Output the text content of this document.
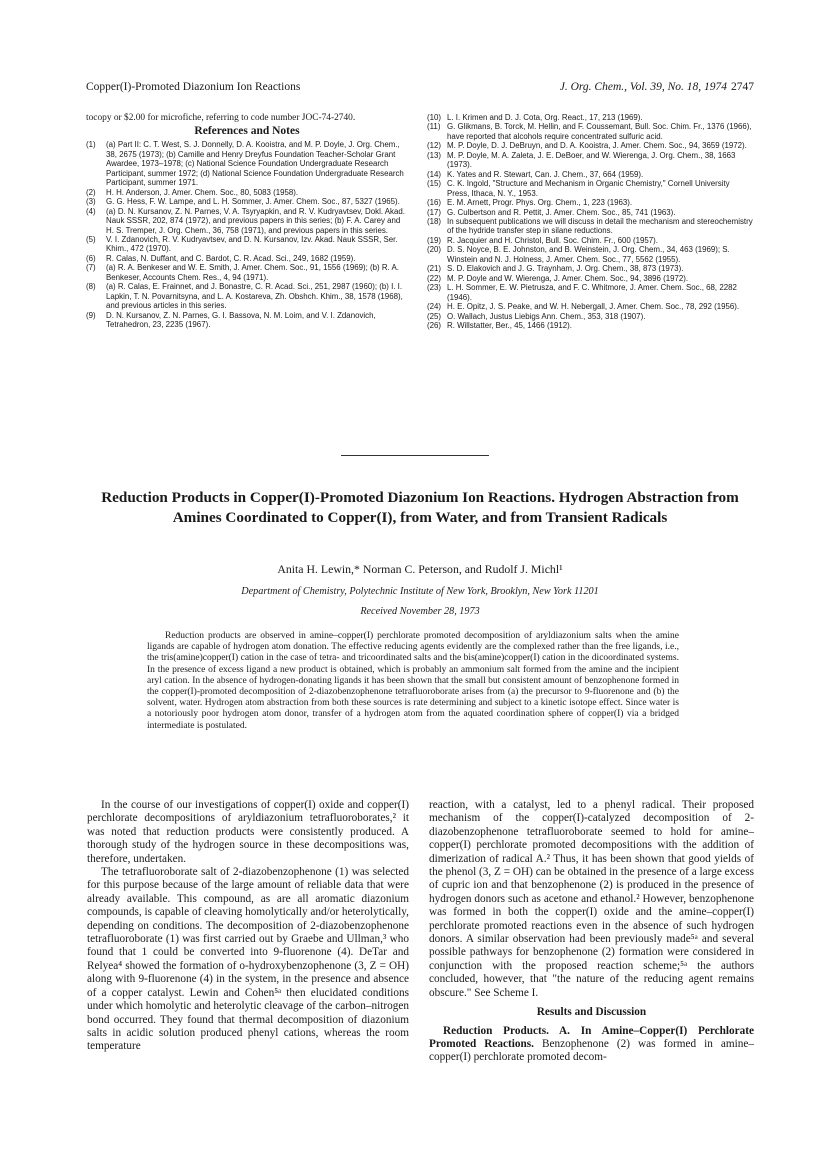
Copper(I)-Promoted Diazonium Ion Reactions	J. Org. Chem., Vol. 39, No. 18, 1974 2747
tocopy or $2.00 for microfiche, referring to code number JOC-74-2740.
References and Notes
(1) (a) Part II: C. T. West, S. J. Donnelly, D. A. Kooistra, and M. P. Doyle, J. Org. Chem., 38, 2675 (1973); (b) Camille and Henry Dreyfus Foundation Teacher-Scholar Grant Awardee, 1973–1978; (c) National Science Foundation Undergraduate Research Participant, summer 1972; (d) National Science Foundation Undergraduate Research Participant, summer 1971.
(2) H. H. Anderson, J. Amer. Chem. Soc., 80, 5083 (1958).
(3) G. G. Hess, F. W. Lampe, and L. H. Sommer, J. Amer. Chem. Soc., 87, 5327 (1965).
(4) (a) D. N. Kursanov, Z. N. Parnes, V. A. Tsyryapkin, and R. V. Kudryavtsev, Dokl. Akad. Nauk SSSR, 202, 874 (1972), and previous papers in this series; (b) F. A. Carey and H. S. Tremper, J. Org. Chem., 36, 758 (1971), and previous papers in this series.
(5) V. I. Zdanovich, R. V. Kudryavtsev, and D. N. Kursanov, Izv. Akad. Nauk SSSR, Ser. Khim., 472 (1970).
(6) R. Calas, N. Duffant, and C. Bardot, C. R. Acad. Sci., 249, 1682 (1959).
(7) (a) R. A. Benkeser and W. E. Smith, J. Amer. Chem. Soc., 91, 1556 (1969); (b) R. A. Benkeser, Accounts Chem. Res., 4, 94 (1971).
(8) (a) R. Calas, E. Frainnet, and J. Bonastre, C. R. Acad. Sci., 251, 2987 (1960); (b) I. I. Lapkin, T. N. Povarnitsyna, and L. A. Kostareva, Zh. Obshch. Khim., 38, 1578 (1968), and previous articles in this series.
(9) D. N. Kursanov, Z. N. Parnes, G. I. Bassova, N. M. Loim, and V. I. Zdanovich, Tetrahedron, 23, 2235 (1967).
(10) L. I. Krimen and D. J. Cota, Org. React., 17, 213 (1969).
(11) G. Glikmans, B. Torck, M. Hellin, and F. Coussemant, Bull. Soc. Chim. Fr., 1376 (1966), have reported that alcohols require concentrated sulfuric acid.
(12) M. P. Doyle, D. J. DeBruyn, and D. A. Kooistra, J. Amer. Chem. Soc., 94, 3659 (1972).
(13) M. P. Doyle, M. A. Zaleta, J. E. DeBoer, and W. Wierenga, J. Org. Chem., 38, 1663 (1973).
(14) K. Yates and R. Stewart, Can. J. Chem., 37, 664 (1959).
(15) C. K. Ingold, "Structure and Mechanism in Organic Chemistry," Cornell University Press, Ithaca, N. Y., 1953.
(16) E. M. Arnett, Progr. Phys. Org. Chem., 1, 223 (1963).
(17) G. Culbertson and R. Pettit, J. Amer. Chem. Soc., 85, 741 (1963).
(18) In subsequent publications we will discuss in detail the mechanism and stereochemistry of the hydride transfer step in silane reductions.
(19) R. Jacquier and H. Christol, Bull. Soc. Chim. Fr., 600 (1957).
(20) D. S. Noyce, B. E. Johnston, and B. Weinstein, J. Org. Chem., 34, 463 (1969); S. Winstein and N. J. Holness, J. Amer. Chem. Soc., 77, 5562 (1955).
(21) S. D. Elakovich and J. G. Traynham, J. Org. Chem., 38, 873 (1973).
(22) M. P. Doyle and W. Wierenga, J. Amer. Chem. Soc., 94, 3896 (1972).
(23) L. H. Sommer, E. W. Pietrusza, and F. C. Whitmore, J. Amer. Chem. Soc., 68, 2282 (1946).
(24) H. E. Opitz, J. S. Peake, and W. H. Nebergall, J. Amer. Chem. Soc., 78, 292 (1956).
(25) O. Wallach, Justus Liebigs Ann. Chem., 353, 318 (1907).
(26) R. Willstatter, Ber., 45, 1466 (1912).
Reduction Products in Copper(I)-Promoted Diazonium Ion Reactions. Hydrogen Abstraction from Amines Coordinated to Copper(I), from Water, and from Transient Radicals
Anita H. Lewin,* Norman C. Peterson, and Rudolf J. Michl¹
Department of Chemistry, Polytechnic Institute of New York, Brooklyn, New York 11201
Received November 28, 1973
Reduction products are observed in amine–copper(I) perchlorate promoted decomposition of aryldiazonium salts when the amine ligands are capable of hydrogen atom donation. The effective reducing agents evidently are the complexed rather than the free ligands, i.e., the tris(amine)copper(I) cation in the case of tetra- and tricoordinated salts and the bis(amine)copper(I) cation in the dicoordinated systems. In the presence of excess ligand a new product is obtained, which is probably an ammonium salt formed from the amine and the incipient aryl cation. In the absence of hydrogen-donating ligands it has been shown that the small but consistent amount of benzophenone formed in the copper(I)-promoted decomposition of 2-diazobenzophenone tetrafluoroborate arises from (a) the precursor to 9-fluorenone and (b) the solvent, water. Hydrogen atom abstraction from both these sources is rate determining and subject to a kinetic isotope effect. Since water is a notoriously poor hydrogen atom donor, transfer of a hydrogen atom from the aquated coordination sphere of copper(I) via a bridged intermediate is postulated.

In the course of our investigations of copper(I) oxide and copper(I) perchlorate decompositions of aryldiazonium tetrafluoroborates,² it was noted that reduction products were consistently produced. A thorough study of the hydrogen source in these decompositions was, therefore, undertaken.

The tetrafluoroborate salt of 2-diazobenzophenone (1) was selected for this purpose because of the large amount of reliable data that were already available. This compound, as are all aromatic diazonium compounds, is capable of cleaving homolytically and/or heterolytically, depending on conditions. The decomposition of 2-diazobenzophenone tetrafluoroborate (1) was first carried out by Graebe and Ullman,³ who found that 1 could be converted into 9-fluorenone (4). DeTar and Relyea⁴ showed the formation of o-hydroxybenzophenone (3, Z = OH) along with 9-fluorenone (4) in the system, in the presence and absence of a copper catalyst. Lewin and Cohen⁵ᵃ then elucidated conditions under which homolytic and heterolytic cleavage of the carbon–nitrogen bond occurred. They found that thermal decomposition of diazonium salts in acidic solution produced phenyl cations, whereas the room temperature

reaction, with a catalyst, led to a phenyl radical. Their proposed mechanism of the copper(I)-catalyzed decomposition of 2-diazobenzophenone tetrafluoroborate seemed to hold for amine–copper(I) perchlorate promoted decompositions with the addition of dimerization of radical A.² Thus, it has been shown that good yields of the phenol (3, Z = OH) can be obtained in the presence of a large excess of cupric ion and that benzophenone (2) is produced in the presence of hydrogen donors such as acetone and ethanol.² However, benzophenone was formed in both the copper(I) oxide and the amine–copper(I) perchlorate promoted reactions even in the absence of such hydrogen donors. A similar observation had been previously made⁵ᵃ and several possible pathways for benzophenone (2) formation were considered in conjunction with the proposed reaction scheme;⁵ᵃ the authors concluded, however, that "the nature of the reducing agent remains obscure." See Scheme I.

Results and Discussion

Reduction Products. A. In Amine–Copper(I) Perchlorate Promoted Reactions. Benzophenone (2) was formed in amine–copper(I) perchlorate promoted decom-
